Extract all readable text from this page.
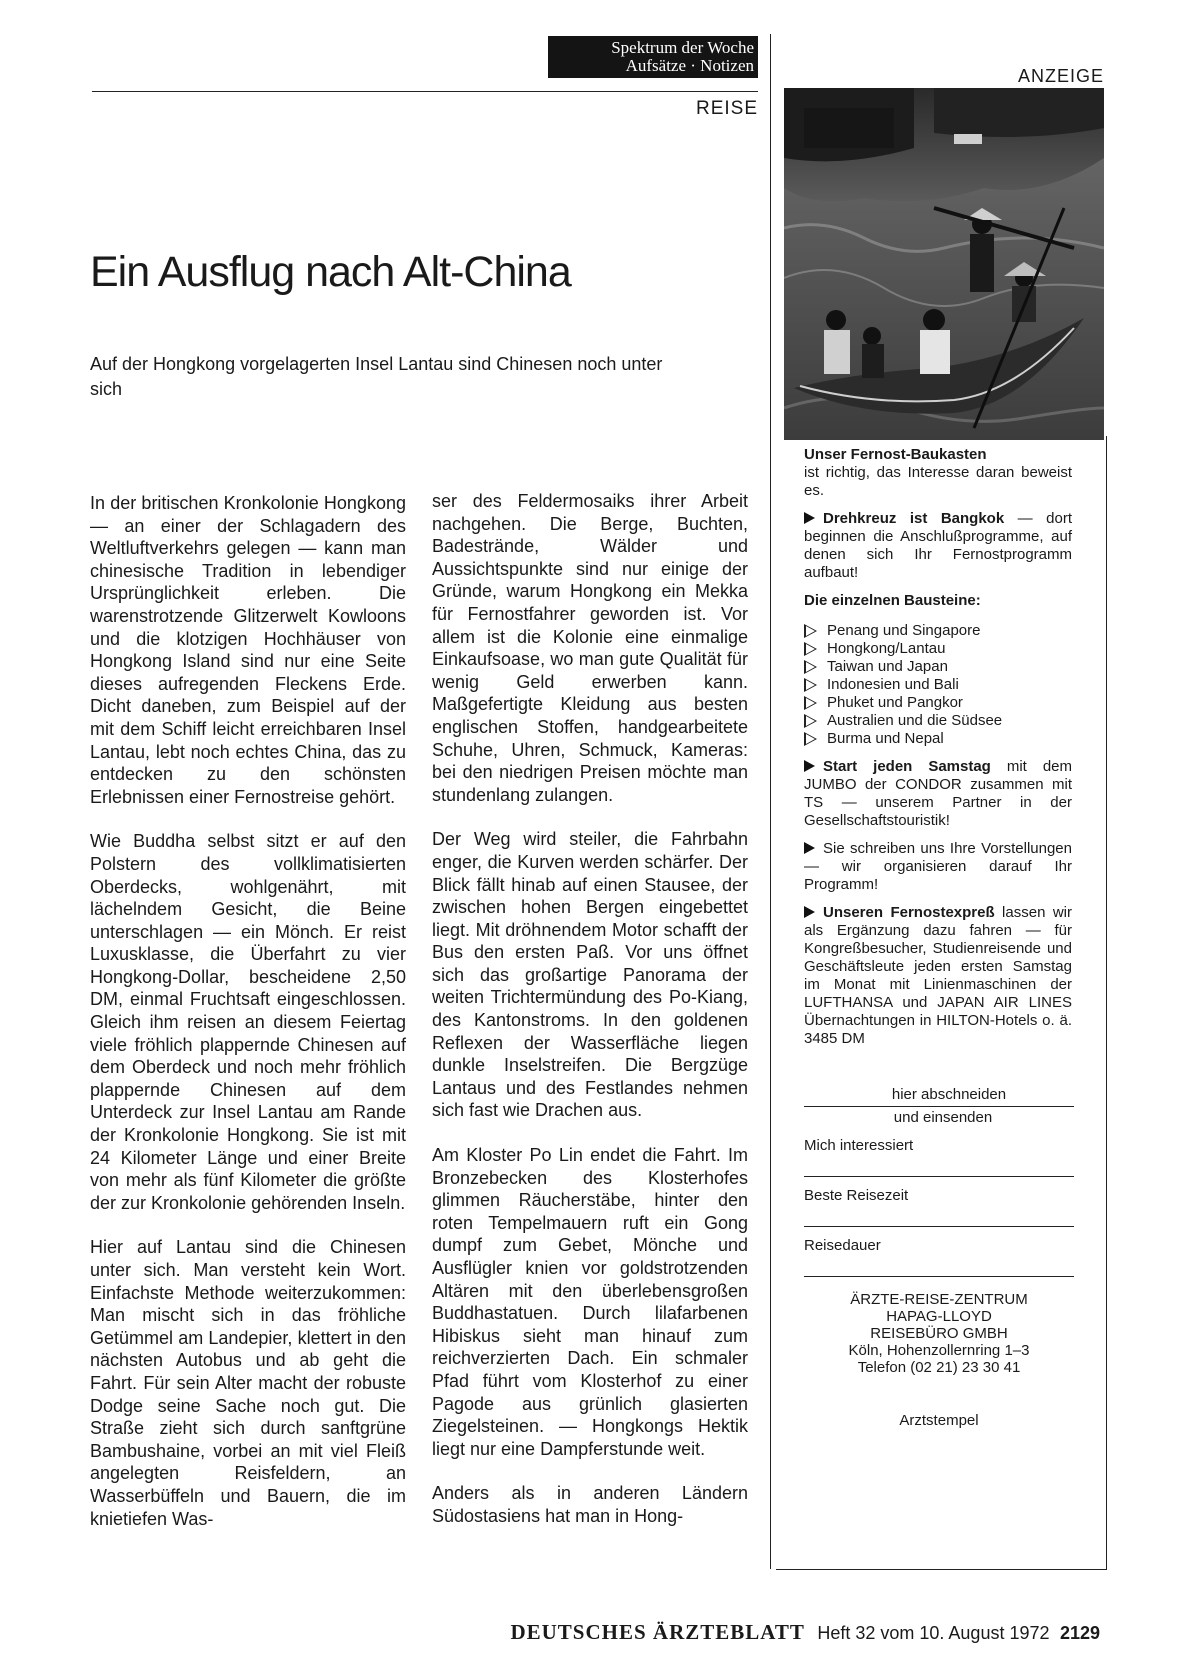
Spektrum der Woche
Aufsätze · Notizen
REISE
ANZEIGE
Ein Ausflug nach Alt-China
Auf der Hongkong vorgelagerten Insel Lantau sind Chinesen noch unter sich

In der britischen Kronkolonie Hongkong — an einer der Schlagadern des Weltluftverkehrs gelegen — kann man chinesische Tradition in lebendiger Ursprünglichkeit erleben. Die warenstrotzende Glitzerwelt Kowloons und die klotzigen Hochhäuser von Hongkong Island sind nur eine Seite dieses aufregenden Fleckens Erde. Dicht daneben, zum Beispiel auf der mit dem Schiff leicht erreichbaren Insel Lantau, lebt noch echtes China, das zu entdecken zu den schönsten Erlebnissen einer Fernostreise gehört.

Wie Buddha selbst sitzt er auf den Polstern des vollklimatisierten Oberdecks, wohlgenährt, mit lächelndem Gesicht, die Beine unterschlagen — ein Mönch. Er reist Luxusklasse, die Überfahrt zu vier Hongkong-Dollar, bescheidene 2,50 DM, einmal Fruchtsaft eingeschlossen. Gleich ihm reisen an diesem Feiertag viele fröhlich plappernde Chinesen auf dem Oberdeck und noch mehr fröhlich plappernde Chinesen auf dem Unterdeck zur Insel Lantau am Rande der Kronkolonie Hongkong. Sie ist mit 24 Kilometer Länge und einer Breite von mehr als fünf Kilometer die größte der zur Kronkolonie gehörenden Inseln.

Hier auf Lantau sind die Chinesen unter sich. Man versteht kein Wort. Einfachste Methode weiterzukommen: Man mischt sich in das fröhliche Getümmel am Landepier, klettert in den nächsten Autobus und ab geht die Fahrt. Für sein Alter macht der robuste Dodge seine Sache noch gut. Die Straße zieht sich durch sanftgrüne Bambushaine, vorbei an mit viel Fleiß angelegten Reisfeldern, an Wasserbüffeln und Bauern, die im knietiefen Was-

ser des Feldermosaiks ihrer Arbeit nachgehen. Die Berge, Buchten, Badestrände, Wälder und Aussichtspunkte sind nur einige der Gründe, warum Hongkong ein Mekka für Fernostfahrer geworden ist. Vor allem ist die Kolonie eine einmalige Einkaufsoase, wo man gute Qualität für wenig Geld erwerben kann. Maßgefertigte Kleidung aus besten englischen Stoffen, handgearbeitete Schuhe, Uhren, Schmuck, Kameras: bei den niedrigen Preisen möchte man stundenlang zulangen.

Der Weg wird steiler, die Fahrbahn enger, die Kurven werden schärfer. Der Blick fällt hinab auf einen Stausee, der zwischen hohen Bergen eingebettet liegt. Mit dröhnendem Motor schafft der Bus den ersten Paß. Vor uns öffnet sich das großartige Panorama der weiten Trichtermündung des Po-Kiang, des Kantonstroms. In den goldenen Reflexen der Wasserfläche liegen dunkle Inselstreifen. Die Bergzüge Lantaus und des Festlandes nehmen sich fast wie Drachen aus.

Am Kloster Po Lin endet die Fahrt. Im Bronzebecken des Klosterhofes glimmen Räucherstäbe, hinter den roten Tempelmauern ruft ein Gong dumpf zum Gebet, Mönche und Ausflügler knien vor goldstrotzenden Altären mit den überlebensgroßen Buddhastatuen. Durch lilafarbenen Hibiskus sieht man hinauf zum reichverzierten Dach. Ein schmaler Pfad führt vom Klosterhof zu einer Pagode aus grünlich glasierten Ziegelsteinen. — Hongkongs Hektik liegt nur eine Dampferstunde weit.

Anders als in anderen Ländern Südostasiens hat man in Hong-

Unser Fernost-Baukasten
ist richtig, das Interesse daran beweist es.
Drehkreuz ist Bangkok — dort beginnen die Anschlußprogramme, auf denen sich Ihr Fernostprogramm aufbaut!
Die einzelnen Bausteine:
Penang und Singapore
Hongkong/Lantau
Taiwan und Japan
Indonesien und Bali
Phuket und Pangkor
Australien und die Südsee
Burma und Nepal
Start jeden Samstag mit dem JUMBO der CONDOR zusammen mit TS — unserem Partner in der Gesellschaftstouristik!
Sie schreiben uns Ihre Vorstellungen — wir organisieren darauf Ihr Programm!
Unseren Fernostexpreß lassen wir als Ergänzung dazu fahren — für Kongreßbesucher, Studienreisende und Geschäftsleute jeden ersten Samstag im Monat mit Linienmaschinen der LUFTHANSA und JAPAN AIR LINES Übernachtungen in HILTON-Hotels o. ä. 3485 DM
hier abschneiden
und einsenden
Mich interessiert
Beste Reisezeit
Reisedauer
ÄRZTE-REISE-ZENTRUM
HAPAG-LLOYD
REISEBÜRO GMBH
Köln, Hohenzollernring 1–3
Telefon (02 21) 23 30 41
Arztstempel
DEUTSCHES ÄRZTEBLATT Heft 32 vom 10. August 1972 2129
